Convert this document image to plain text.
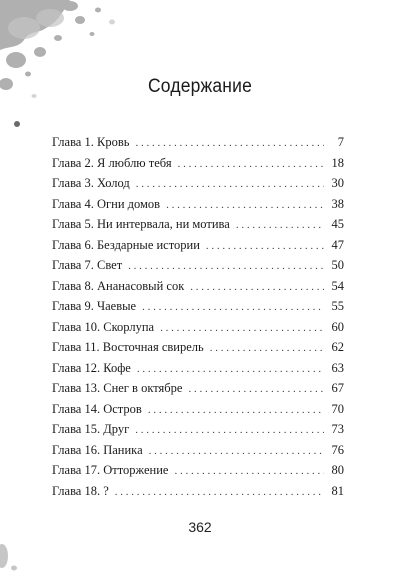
Содержание
Глава 1. Кровь . . .	7
Глава 2. Я люблю тебя . . .	18
Глава 3. Холод . . .	30
Глава 4. Огни домов . . .	38
Глава 5. Ни интервала, ни мотива . . .	45
Глава 6. Бездарные истории . . .	47
Глава 7. Свет . . .	50
Глава 8. Ананасовый сок . . .	54
Глава 9. Чаевые . . .	55
Глава 10. Скорлупа . . .	60
Глава 11. Восточная свирель . . .	62
Глава 12. Кофе . . .	63
Глава 13. Снег в октябре . . .	67
Глава 14. Остров . . .	70
Глава 15. Друг . . .	73
Глава 16. Паника . . .	76
Глава 17. Отторжение . . .	80
Глава 18. ? . . .	81
362
